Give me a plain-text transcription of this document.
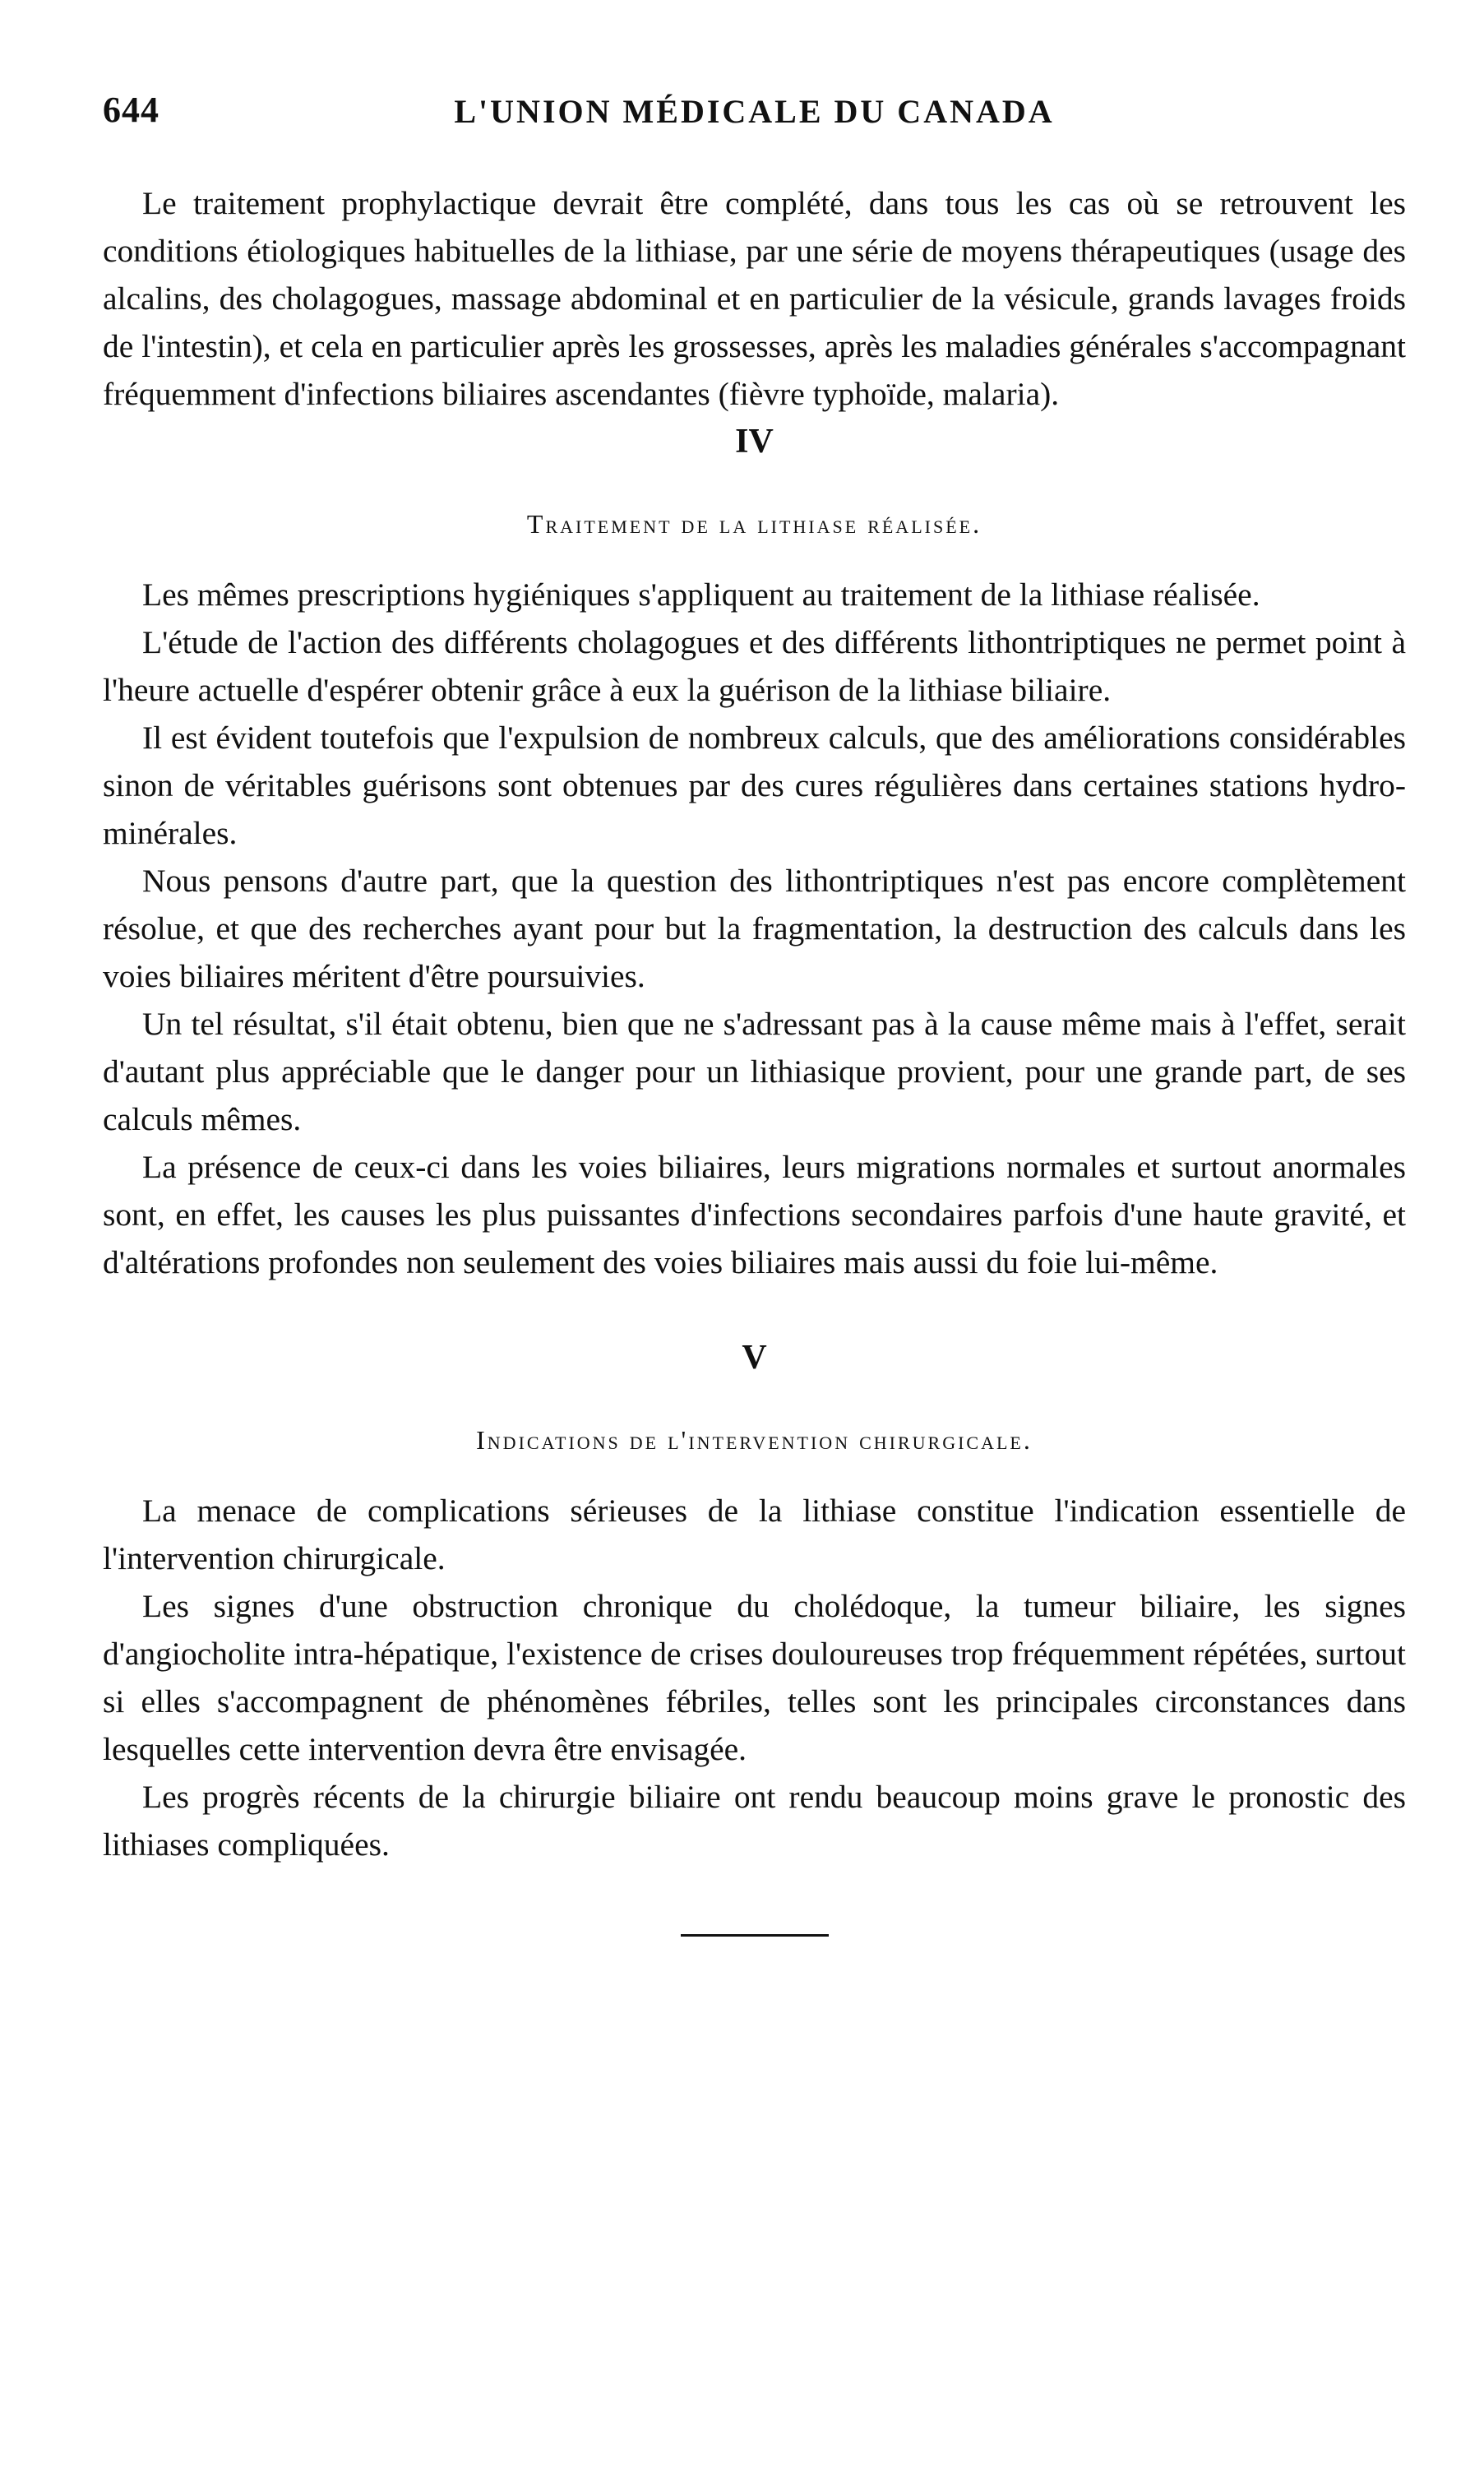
644	L'UNION MÉDICALE DU CANADA

Le traitement prophylactique devrait être complété, dans tous les cas où se retrouvent les conditions étiologiques habituelles de la lithiase, par une série de moyens thérapeutiques (usage des alcalins, des cholagogues, massage abdominal et en particulier de la vésicule, grands lavages froids de l'intestin), et cela en particulier après les grossesses, après les maladies générales s'accompagnant fréquemment d'infections biliaires ascendantes (fièvre typhoïde, malaria).

IV
Traitement de la lithiase réalisée.

Les mêmes prescriptions hygiéniques s'appliquent au traitement de la lithiase réalisée.

L'étude de l'action des différents cholagogues et des différents lithontriptiques ne permet point à l'heure actuelle d'espérer obtenir grâce à eux la guérison de la lithiase biliaire.

Il est évident toutefois que l'expulsion de nombreux calculs, que des améliorations considérables sinon de véritables guérisons sont obtenues par des cures régulières dans certaines stations hydro-minérales.

Nous pensons d'autre part, que la question des lithontriptiques n'est pas encore complètement résolue, et que des recherches ayant pour but la fragmentation, la destruction des calculs dans les voies biliaires méritent d'être poursuivies.

Un tel résultat, s'il était obtenu, bien que ne s'adressant pas à la cause même mais à l'effet, serait d'autant plus appréciable que le danger pour un lithiasique provient, pour une grande part, de ses calculs mêmes.

La présence de ceux-ci dans les voies biliaires, leurs migrations normales et surtout anormales sont, en effet, les causes les plus puissantes d'infections secondaires parfois d'une haute gravité, et d'altérations profondes non seulement des voies biliaires mais aussi du foie lui-même.

V
Indications de l'intervention chirurgicale.

La menace de complications sérieuses de la lithiase constitue l'indication essentielle de l'intervention chirurgicale.

Les signes d'une obstruction chronique du cholédoque, la tumeur biliaire, les signes d'angiocholite intra-hépatique, l'existence de crises douloureuses trop fréquemment répétées, surtout si elles s'accompagnent de phénomènes fébriles, telles sont les principales circonstances dans lesquelles cette intervention devra être envisagée.

Les progrès récents de la chirurgie biliaire ont rendu beaucoup moins grave le pronostic des lithiases compliquées.
